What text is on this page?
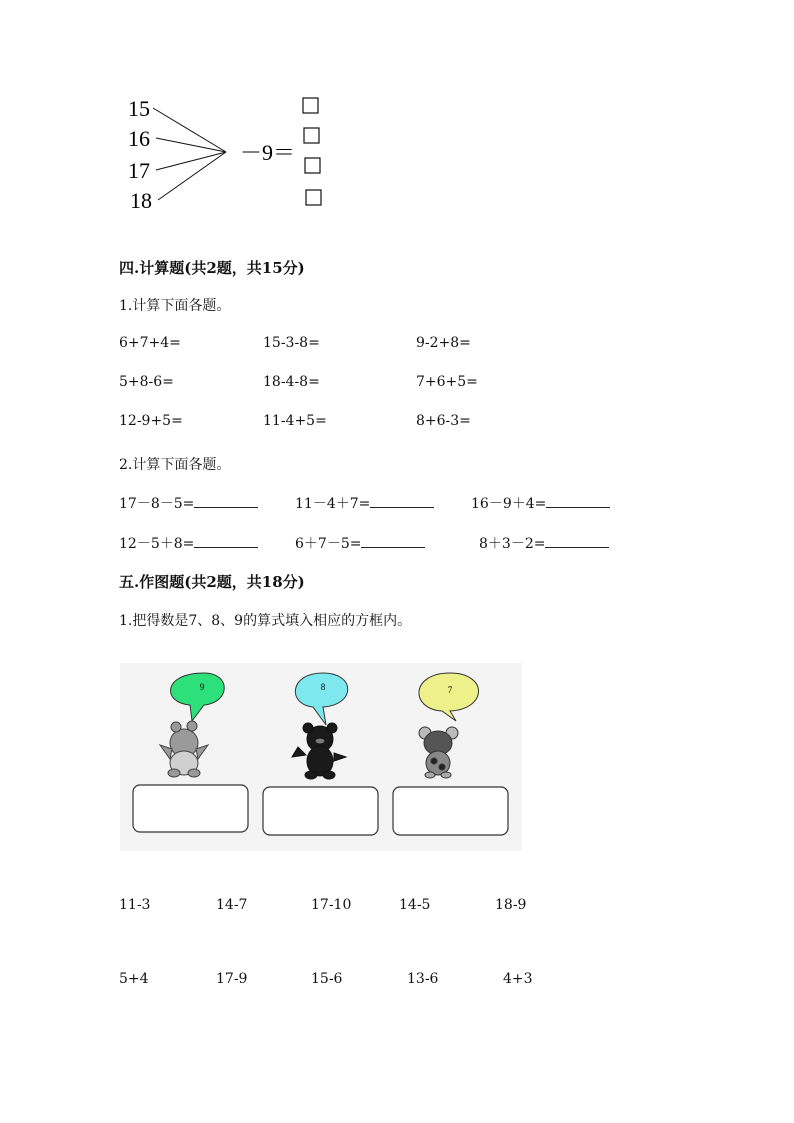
15
16
17
18
－9＝
四.计算题(共2题，共15分)
1.计算下面各题。
6+7+4=	15-3-8=	9-2+8=
5+8-6=	18-4-8=	7+6+5=
12-9+5=	11-4+5=	8+6-3=
2.计算下面各题。
17－8－5=	11－4＋7=	16－9＋4=
12－5＋8=	6＋7－5=	8＋3－2=
五.作图题(共2题，共18分)
1.把得数是7、8、9的算式填入相应的方框内。
9	8	7
11-3	14-7	17-10	14-5	18-9
5+4	17-9	15-6	13-6	4+3
